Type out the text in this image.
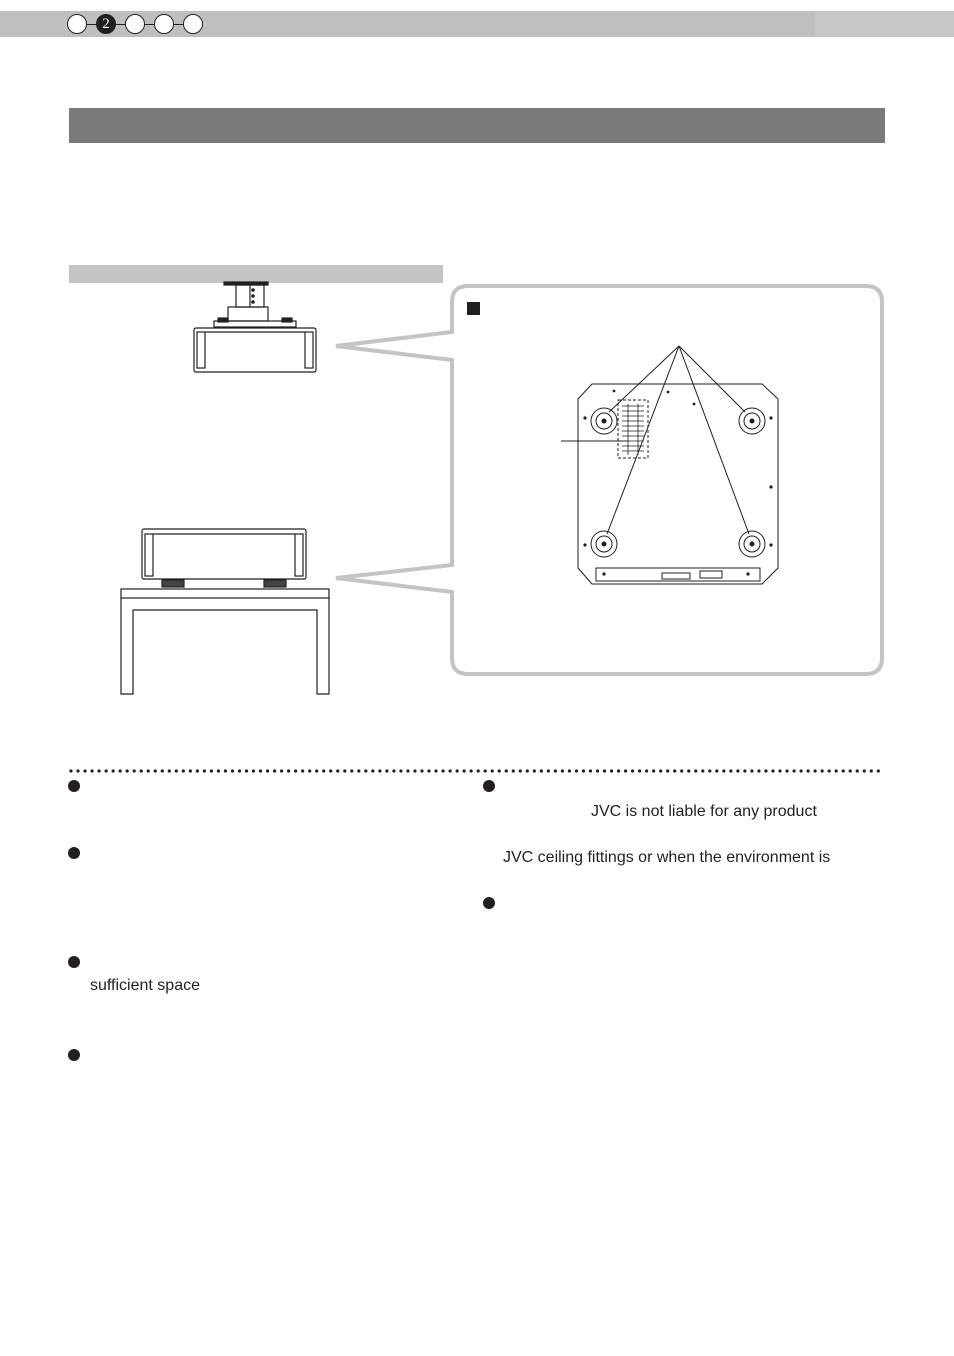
2
sufficient space
JVC is not liable for any product
JVC ceiling fittings or when the environment is
